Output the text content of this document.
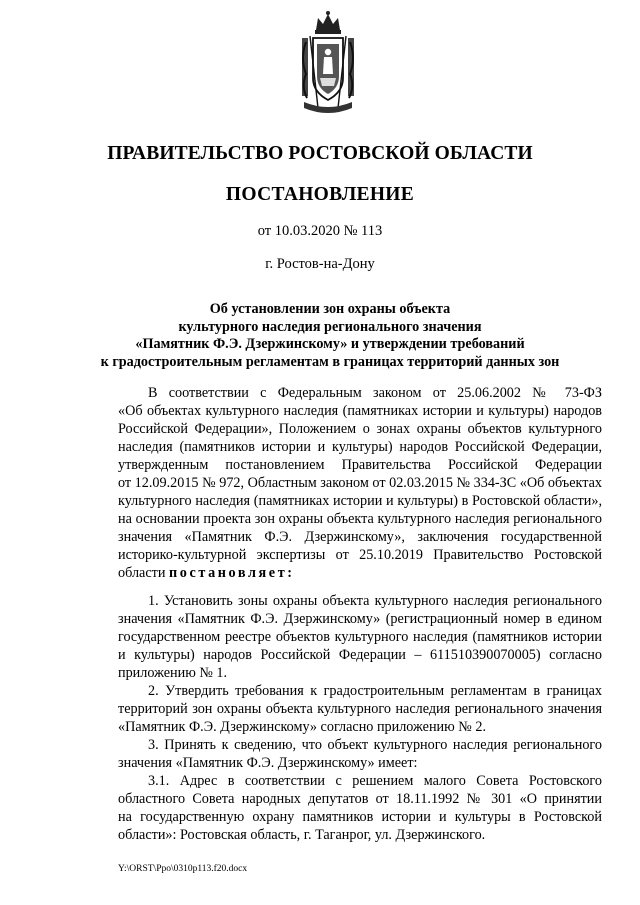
ПРАВИТЕЛЬСТВО РОСТОВСКОЙ ОБЛАСТИ
ПОСТАНОВЛЕНИЕ
от 10.03.2020 № 113
г. Ростов-на-Дону
Об установлении зон охраны объекта
культурного наследия регионального значения
«Памятник Ф.Э. Дзержинскому» и утверждении требований
к градостроительным регламентам в границах территорий данных зон
В соответствии с Федеральным законом от 25.06.2002 № 73-ФЗ
«Об объектах культурного наследия (памятниках истории и культуры) народов
Российской Федерации», Положением о зонах охраны объектов культурного
наследия (памятников истории и культуры) народов Российской Федерации,
утвержденным постановлением Правительства Российской Федерации
от 12.09.2015 № 972, Областным законом от 02.03.2015 № 334-ЗС «Об объектах
культурного наследия (памятниках истории и культуры) в Ростовской области»,
на основании проекта зон охраны объекта культурного наследия регионального
значения «Памятник Ф.Э. Дзержинскому», заключения государственной
историко-культурной экспертизы от 25.10.2019 Правительство Ростовской
области постановляет:
1. Установить зоны охраны объекта культурного наследия регионального
значения «Памятник Ф.Э. Дзержинскому» (регистрационный номер в едином
государственном реестре объектов культурного наследия (памятников истории
и культуры) народов Российской Федерации – 611510390070005) согласно
приложению № 1.
2. Утвердить требования к градостроительным регламентам в границах
территорий зон охраны объекта культурного наследия регионального значения
«Памятник Ф.Э. Дзержинскому» согласно приложению № 2.
3. Принять к сведению, что объект культурного наследия регионального
значения «Памятник Ф.Э. Дзержинскому» имеет:
3.1. Адрес в соответствии с решением малого Совета Ростовского
областного Совета народных депутатов от 18.11.1992 № 301 «О принятии
на государственную охрану памятников истории и культуры в Ростовской
области»: Ростовская область, г. Таганрог, ул. Дзержинского.
Y:\ORST\Ppo\0310p113.f20.docx
